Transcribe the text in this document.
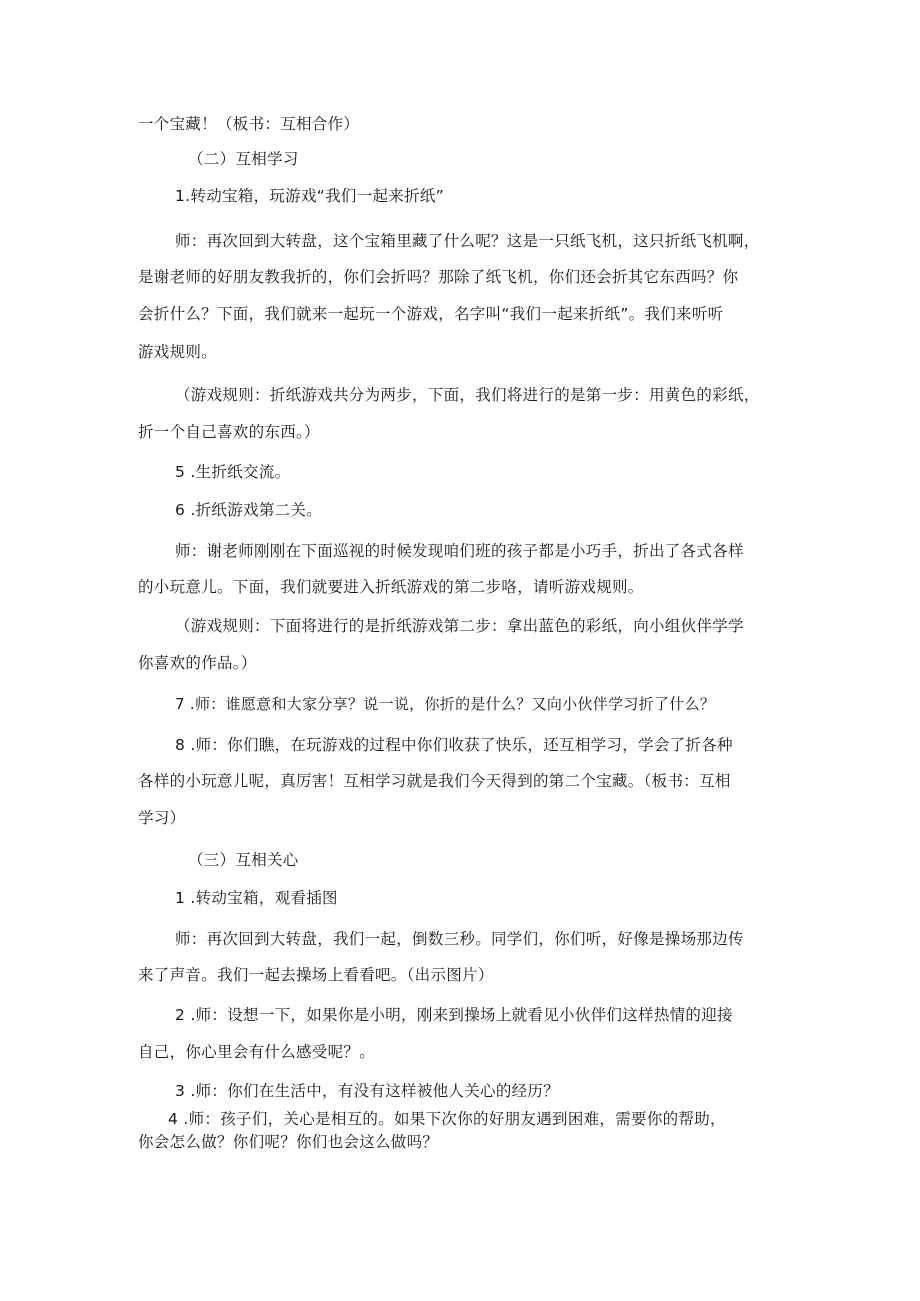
一个宝藏！（板书：互相合作）
（二）互相学习
1.转动宝箱，玩游戏“我们一起来折纸”
师：再次回到大转盘，这个宝箱里藏了什么呢？这是一只纸飞机，这只折纸飞机啊，
是谢老师的好朋友教我折的，你们会折吗？那除了纸飞机，你们还会折其它东西吗？你
会折什么？下面，我们就来一起玩一个游戏，名字叫“我们一起来折纸”。我们来听听
游戏规则。
（游戏规则：折纸游戏共分为两步，下面，我们将进行的是第一步：用黄色的彩纸，
折一个自己喜欢的东西。）
5 .生折纸交流。
6 .折纸游戏第二关。
师：谢老师刚刚在下面巡视的时候发现咱们班的孩子都是小巧手，折出了各式各样
的小玩意儿。下面，我们就要进入折纸游戏的第二步咯，请听游戏规则。
（游戏规则：下面将进行的是折纸游戏第二步：拿出蓝色的彩纸，向小组伙伴学学
你喜欢的作品。）
7 .师：谁愿意和大家分享？说一说，你折的是什么？又向小伙伴学习折了什么？
8 .师：你们瞧，在玩游戏的过程中你们收获了快乐，还互相学习，学会了折各种
各样的小玩意儿呢，真厉害！互相学习就是我们今天得到的第二个宝藏。（板书：互相
学习）
（三）互相关心
1 .转动宝箱，观看插图
师：再次回到大转盘，我们一起，倒数三秒。同学们，你们听，好像是操场那边传
来了声音。我们一起去操场上看看吧。（出示图片）
2 .师：设想一下，如果你是小明，刚来到操场上就看见小伙伴们这样热情的迎接
自己，你心里会有什么感受呢？。
3 .师：你们在生活中，有没有这样被他人关心的经历？
4 .师：孩子们，关心是相互的。如果下次你的好朋友遇到困难，需要你的帮助，
你会怎么做？你们呢？你们也会这么做吗？
